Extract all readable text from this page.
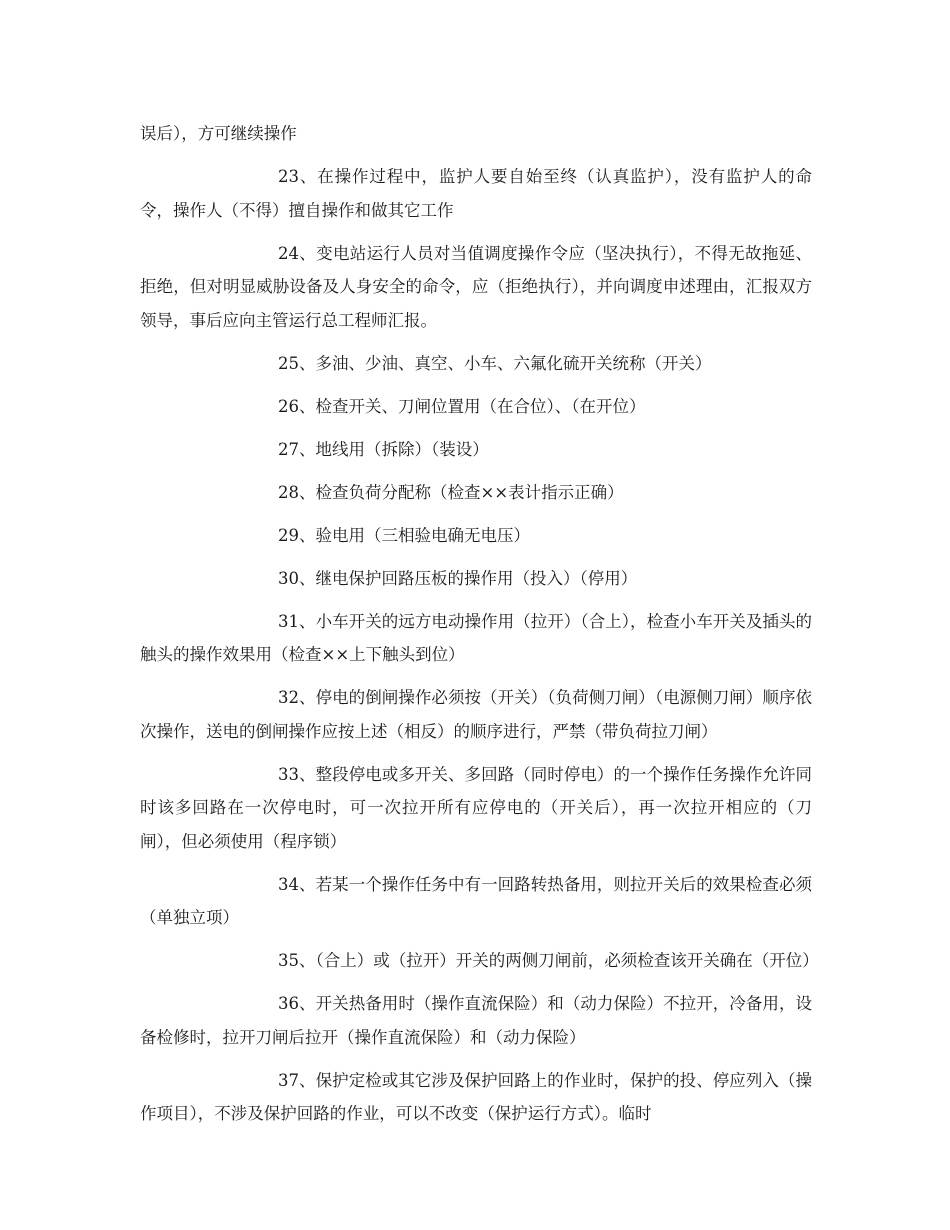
误后），方可继续操作

23、在操作过程中，监护人要自始至终（认真监护），没有监护人的命令，操作人（不得）擅自操作和做其它工作

24、变电站运行人员对当值调度操作令应（坚决执行），不得无故拖延、拒绝，但对明显威胁设备及人身安全的命令，应（拒绝执行），并向调度申述理由，汇报双方领导，事后应向主管运行总工程师汇报。

25、多油、少油、真空、小车、六氟化硫开关统称（开关）

26、检查开关、刀闸位置用（在合位）、（在开位）

27、地线用（拆除）（装设）

28、检查负荷分配称（检查××表计指示正确）

29、验电用（三相验电确无电压）

30、继电保护回路压板的操作用（投入）（停用）

31、小车开关的远方电动操作用（拉开）（合上），检查小车开关及插头的触头的操作效果用（检查××上下触头到位）

32、停电的倒闸操作必须按（开关）（负荷侧刀闸）（电源侧刀闸）顺序依次操作，送电的倒闸操作应按上述（相反）的顺序进行，严禁（带负荷拉刀闸）

33、整段停电或多开关、多回路（同时停电）的一个操作任务操作允许同时该多回路在一次停电时，可一次拉开所有应停电的（开关后），再一次拉开相应的（刀闸），但必须使用（程序锁）

34、若某一个操作任务中有一回路转热备用，则拉开关后的效果检查必须（单独立项）

35、（合上）或（拉开）开关的两侧刀闸前，必须检查该开关确在（开位）

36、开关热备用时（操作直流保险）和（动力保险）不拉开，冷备用，设备检修时，拉开刀闸后拉开（操作直流保险）和（动力保险）

37、保护定检或其它涉及保护回路上的作业时，保护的投、停应列入（操作项目），不涉及保护回路的作业，可以不改变（保护运行方式）。临时
